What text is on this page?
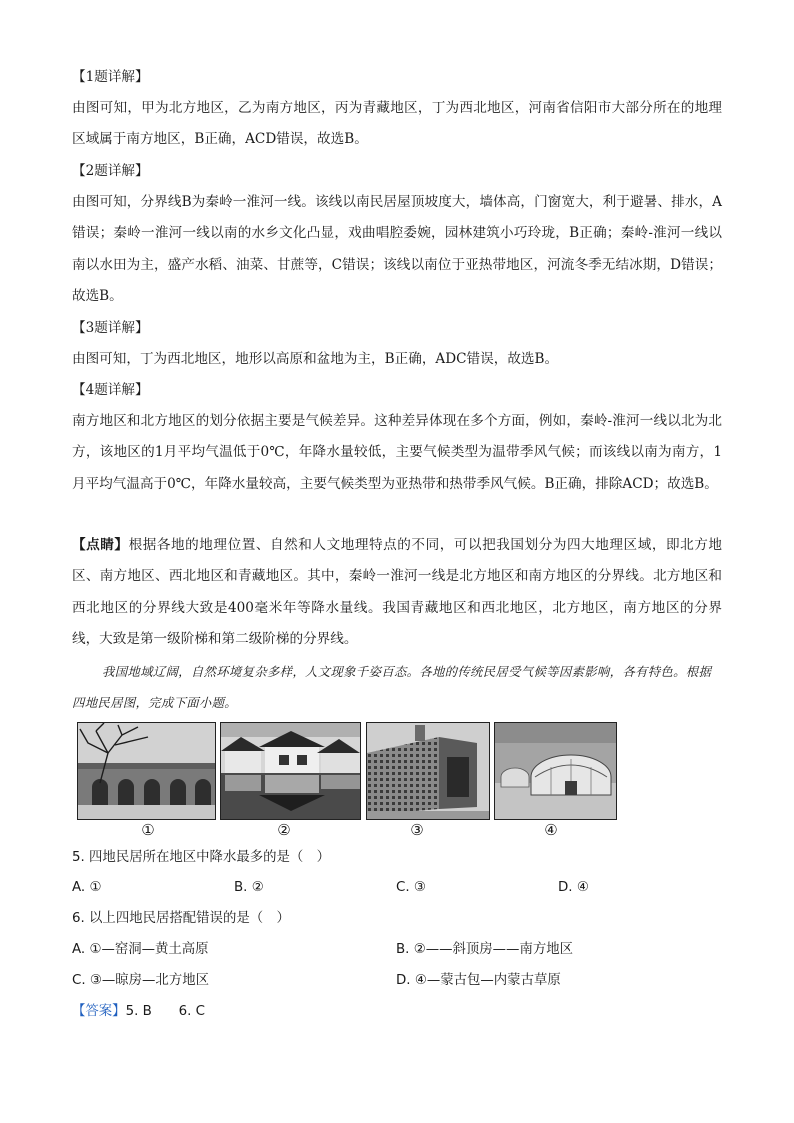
【1题详解】

由图可知，甲为北方地区，乙为南方地区，丙为青藏地区，丁为西北地区，河南省信阳市大部分所在的地理区域属于南方地区，B正确，ACD错误，故选B。

【2题详解】

由图可知，分界线B为秦岭一淮河一线。该线以南民居屋顶坡度大，墙体高，门窗宽大，利于避暑、排水，A错误；秦岭一淮河一线以南的水乡文化凸显，戏曲唱腔委婉，园林建筑小巧玲珑，B正确；秦岭-淮河一线以南以水田为主，盛产水稻、油菜、甘蔗等，C错误；该线以南位于亚热带地区，河流冬季无结冰期，D错误；故选B。

【3题详解】

由图可知，丁为西北地区，地形以高原和盆地为主，B正确，ADC错误，故选B。

【4题详解】

南方地区和北方地区的划分依据主要是气候差异。这种差异体现在多个方面，例如，秦岭-淮河一线以北为北方，该地区的1月平均气温低于0℃，年降水量较低，主要气候类型为温带季风气候；而该线以南为南方，1月平均气温高于0℃，年降水量较高，主要气候类型为亚热带和热带季风气候。B正确，排除ACD；故选B。

【点睛】根据各地的地理位置、自然和人文地理特点的不同，可以把我国划分为四大地理区域，即北方地区、南方地区、西北地区和青藏地区。其中，秦岭一淮河一线是北方地区和南方地区的分界线。北方地区和西北地区的分界线大致是400毫米年等降水量线。我国青藏地区和西北地区，北方地区，南方地区的分界线，大致是第一级阶梯和第二级阶梯的分界线。

我国地域辽阔，自然环境复杂多样，人文现象千姿百态。各地的传统民居受气候等因素影响，各有特色。根据四地民居图，完成下面小题。

①	②	③	④

5. 四地民居所在地区中降水最多的是（　）

A. ①	B. ②	C. ③	D. ④

6. 以上四地民居搭配错误的是（　）

A. ①—窑洞—黄土高原	B. ②——斜顶房——南方地区

C. ③—晾房—北方地区	D. ④—蒙古包—内蒙古草原

【答案】5. B　　6. C
